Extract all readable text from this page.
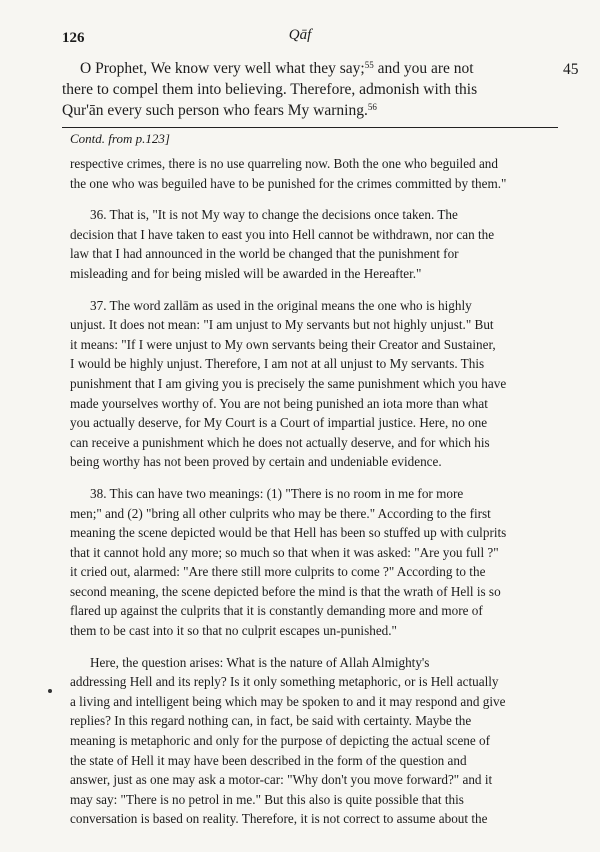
126	Qāf
O Prophet, We know very well what they say;$^{55}$ and you are not
there to compel them into believing. Therefore, admonish with this
Qur'ān every such person who fears My warning.$^{56}$
45
Contd. from p.123]
respective crimes, there is no use quarreling now. Both the one who beguiled and
the one who was beguiled have to be punished for the crimes committed by them."
36. That is, "It is not My way to change the decisions once taken. The
decision that I have taken to east you into Hell cannot be withdrawn, nor can the
law that I had announced in the world be changed that the punishment for
misleading and for being misled will be awarded in the Hereafter."
37. The word zallām as used in the original means the one who is highly
unjust. It does not mean: "I am unjust to My servants but not highly unjust." But
it means: "If I were unjust to My own servants being their Creator and Sustainer,
I would be highly unjust. Therefore, I am not at all unjust to My servants. This
punishment that I am giving you is precisely the same punishment which you have
made yourselves worthy of. You are not being punished an iota more than what
you actually deserve, for My Court is a Court of impartial justice. Here, no one
can receive a punishment which he does not actually deserve, and for which his
being worthy has not been proved by certain and undeniable evidence.
38. This can have two meanings: (1) "There is no room in me for more
men;" and (2) "bring all other culprits who may be there." According to the first
meaning the scene depicted would be that Hell has been so stuffed up with culprits
that it cannot hold any more; so much so that when it was asked: "Are you full ?"
it cried out, alarmed: "Are there still more culprits to come ?" According to the
second meaning, the scene depicted before the mind is that the wrath of Hell is so
flared up against the culprits that it is constantly demanding more and more of
them to be cast into it so that no culprit escapes un-punished."
Here, the question arises: What is the nature of Allah Almighty's
addressing Hell and its reply? Is it only something metaphoric, or is Hell actually
a living and intelligent being which may be spoken to and it may respond and give
replies? In this regard nothing can, in fact, be said with certainty. Maybe the
meaning is metaphoric and only for the purpose of depicting the actual scene of
the state of Hell it may have been described in the form of the question and
answer, just as one may ask a motor-car: "Why don't you move forward?" and it
may say: "There is no petrol in me." But this also is quite possible that this
conversation is based on reality. Therefore, it is not correct to assume about the
